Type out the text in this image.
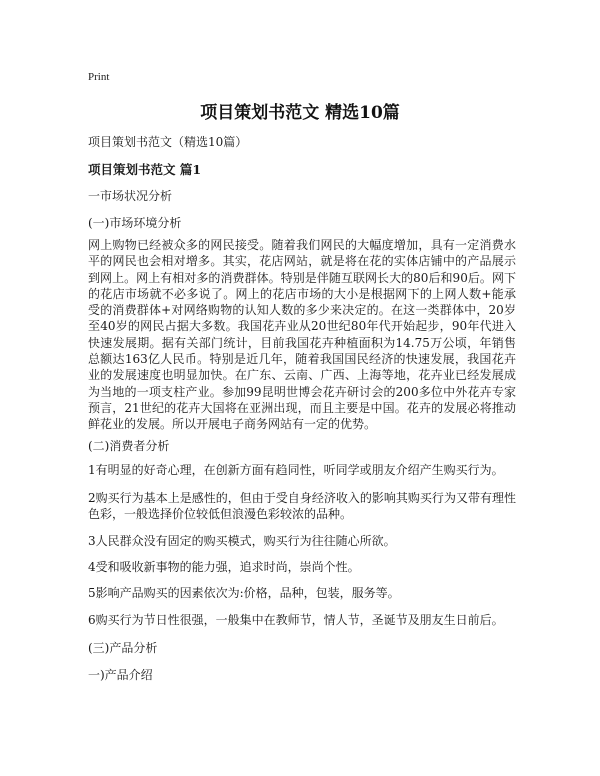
Print
项目策划书范文 精选10篇
项目策划书范文（精选10篇）
项目策划书范文 篇1
一市场状况分析
(一)市场环境分析
网上购物已经被众多的网民接受。随着我们网民的大幅度增加，具有一定消费水平的网民也会相对增多。其实，花店网站，就是将在花的实体店铺中的产品展示到网上。网上有相对多的消费群体。特别是伴随互联网长大的80后和90后。网下的花店市场就不必多说了。网上的花店市场的大小是根据网下的上网人数+能承受的消费群体+对网络购物的认知人数的多少来决定的。在这一类群体中，20岁至40岁的网民占据大多数。我国花卉业从20世纪80年代开始起步，90年代进入快速发展期。据有关部门统计，目前我国花卉种植面积为14.75万公顷，年销售总额达163亿人民币。特别是近几年，随着我国国民经济的快速发展，我国花卉业的发展速度也明显加快。在广东、云南、广西、上海等地，花卉业已经发展成为当地的一项支柱产业。参加99昆明世博会花卉研讨会的200多位中外花卉专家预言，21世纪的花卉大国将在亚洲出现，而且主要是中国。花卉的发展必将推动鲜花业的发展。所以开展电子商务网站有一定的优势。
(二)消费者分析
1有明显的好奇心理，在创新方面有趋同性，听同学或朋友介绍产生购买行为。
2购买行为基本上是感性的，但由于受自身经济收入的影响其购买行为又带有理性色彩，一般选择价位较低但浪漫色彩较浓的品种。
3人民群众没有固定的购买模式，购买行为往往随心所欲。
4受和吸收新事物的能力强，追求时尚，崇尚个性。
5影响产品购买的因素依次为:价格，品种，包装，服务等。
6购买行为节日性很强，一般集中在教师节，情人节，圣诞节及朋友生日前后。
(三)产品分析
一)产品介绍
